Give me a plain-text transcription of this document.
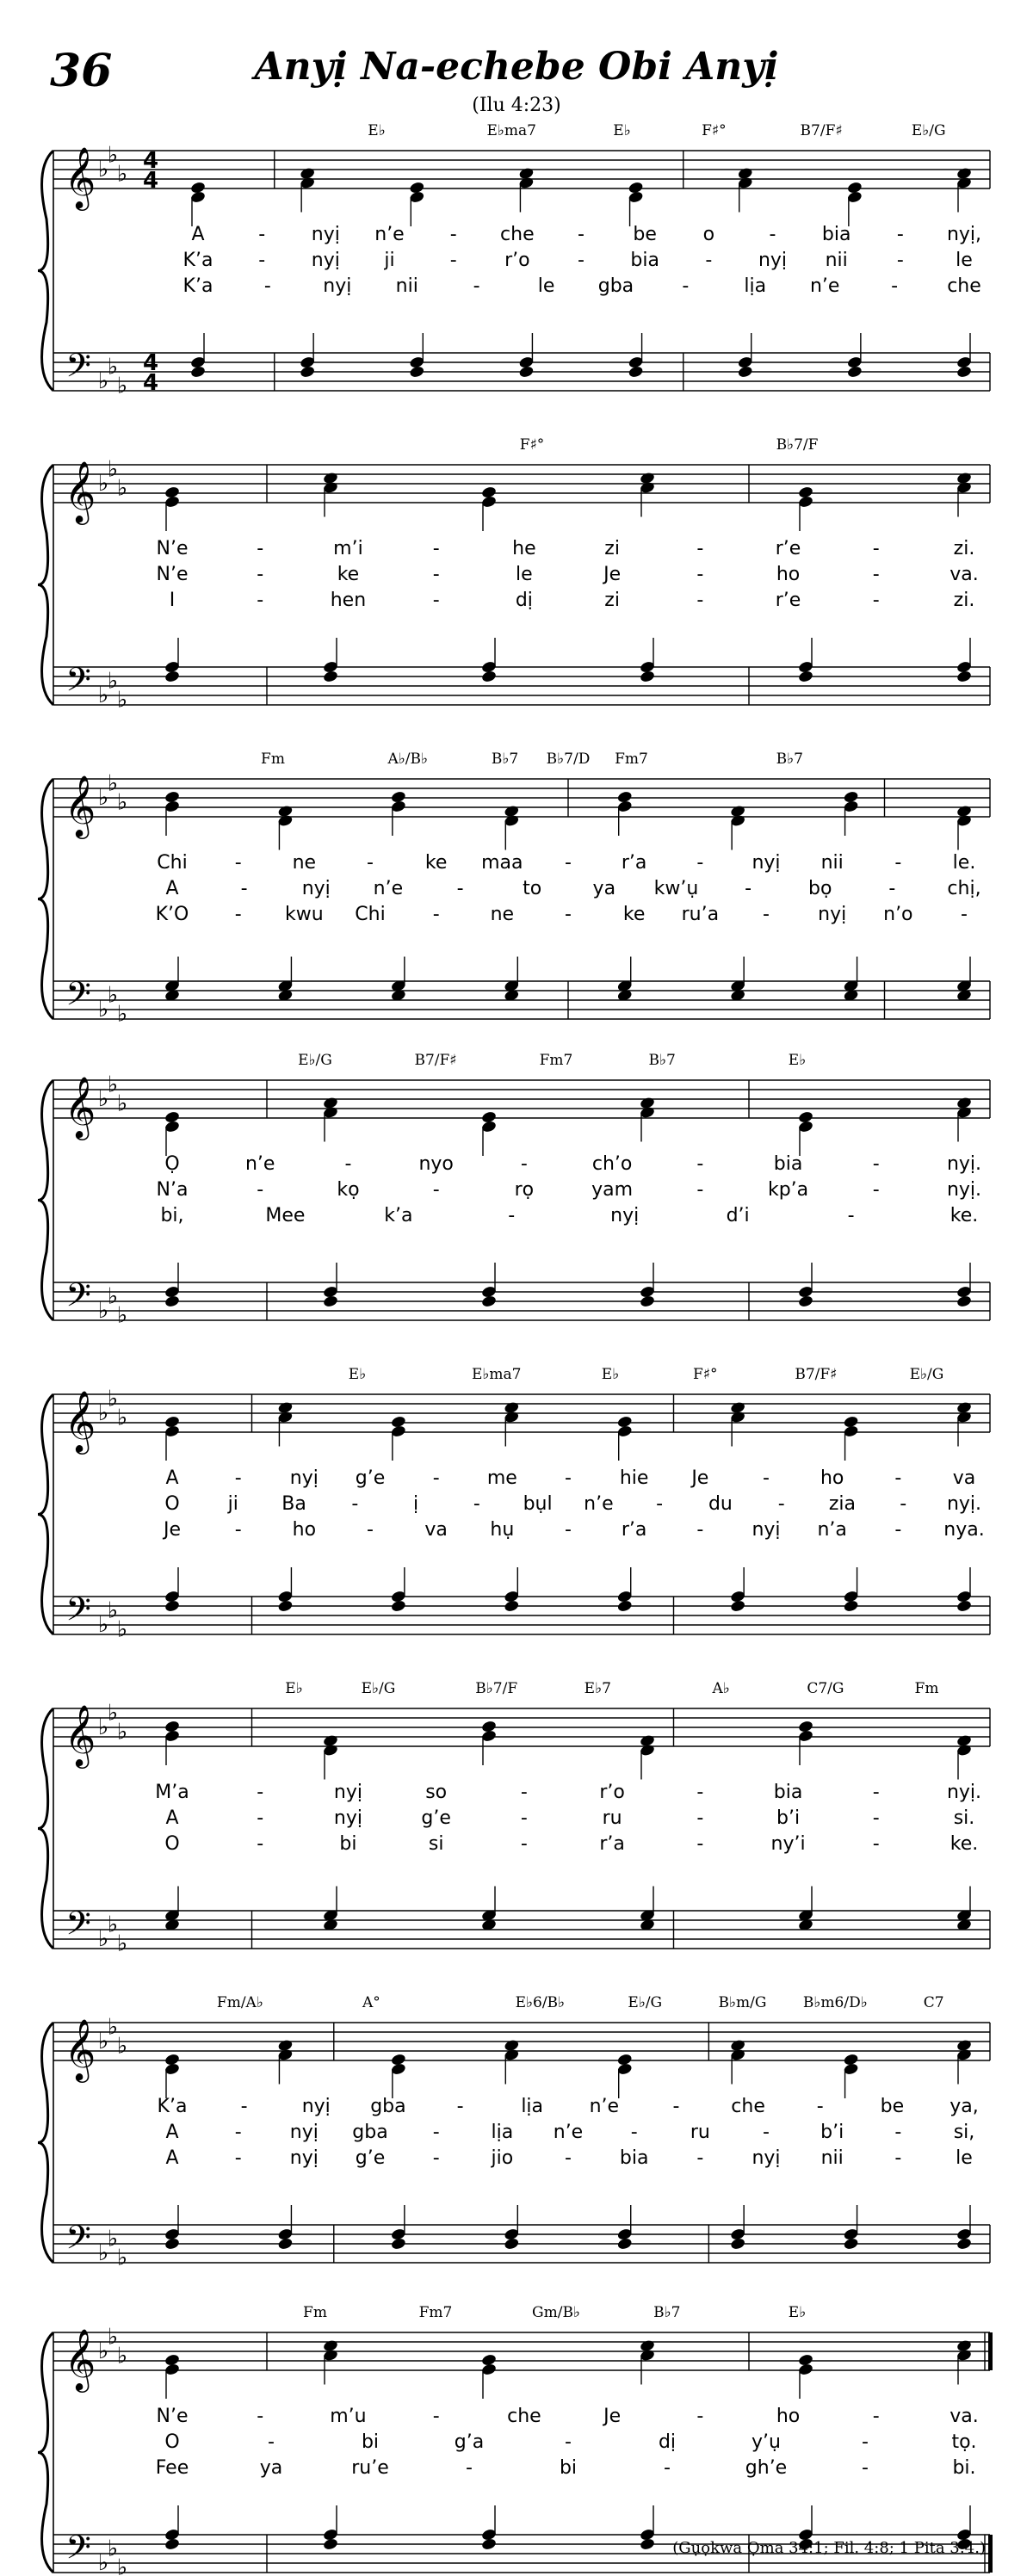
36	Anyị Na-echebe Obi Anyị
(Ilu 4:23)
𝄞
𝄢
♭
♭
♭
♭
♭
♭
4
4
4
4
E♭	E♭ma7	E♭	F♯°	B7/F♯	E♭/G
A	- nyị n’e - che -	be o	- bia - nyị,
K’a - nyị ji	-	r’o	- bia - nyị nii	-	le
K’a	-	nyị nii	-	le gba	-	lịa n’e	-	che
𝄞
𝄢
♭
♭
♭
♭
♭
♭
F♯°	B♭7/F
N’e	-	m’i	-	he	zi	-	r’e	-	zi.
N’e	-	ke	-	le	Je	-	ho	-	va.
I	-	hen	-	dị	zi	-	r’e	-	zi.
𝄞
𝄢
♭
♭
♭
♭
♭
♭
Fm	A♭/B♭	B♭7 B♭7/D Fm7	B♭7
Chi -	ne	-	ke maa -	r’a	-	nyị nii	-	le.
A	-	nyị n’e	-	to	ya kw’ụ -	bọ	-	chị,
K’O - kwu Chi -	ne	-	ke ru’a -	nyị n’o	-
𝄞
𝄢
♭
♭
♭
♭
♭
♭
E♭/G	B7/F♯	Fm7	B♭7	E♭
Ọ	n’e	-	nyo	-	ch’o	-	bia	-	nyị.
N’a	-	kọ	-	rọ	yam	-	kp’a	-	nyị.
bi,	Mee	k’a	-	nyị	d’i	-	ke.
𝄞
𝄢
♭
♭
♭
♭
♭
♭
E♭	E♭ma7	E♭	F♯°	B7/F♯	E♭/G
A	-	nyị g’e	-	me	-	hie Je	-	ho	-	va
O	ji Ba -	ị	- bụl n’e - du - zia - nyị.
Je	-	ho	-	va hụ	-	r’a	-	nyị n’a	- nya.
𝄞
𝄢
♭
♭
♭
♭
♭
♭
E♭	E♭/G	B♭7/F	E♭7	A♭	C7/G	Fm
M’a	-	nyị	so	-	r’o	-	bia	-	nyị.
A	-	nyị	g’e	-	ru	-	b’i	-	si.
O	-	bi	si	-	r’a	-	ny’i	-	ke.
𝄞
𝄢
♭
♭
♭
♭
♭
♭
Fm/A♭	A°	E♭6/B♭	E♭/G	B♭m/G B♭m6/D♭	C7
K’a	-	nyị gba	-	lịa n’e	-	che	-	be ya,
A	-	nyị gba -	lịa n’e	-	ru	-	b’i	-	si,
A	-	nyị g’e	-	jio	-	bia	-	nyị nii	-	le
𝄞
𝄢
♭
♭
♭
♭
♭
♭
Fm	Fm7	Gm/B♭	B♭7	E♭
N’e	-	m’u	-	che	Je	-	ho	-	va.
O	-	bi	g’a	-	dị	y’ụ	-	tọ.
Fee	ya	ru’e	-	bi	-	gh’e	-	bi.
(Gụọkwa Ọma 34:1; Fil. 4:8; 1 Pita 3:4.)
